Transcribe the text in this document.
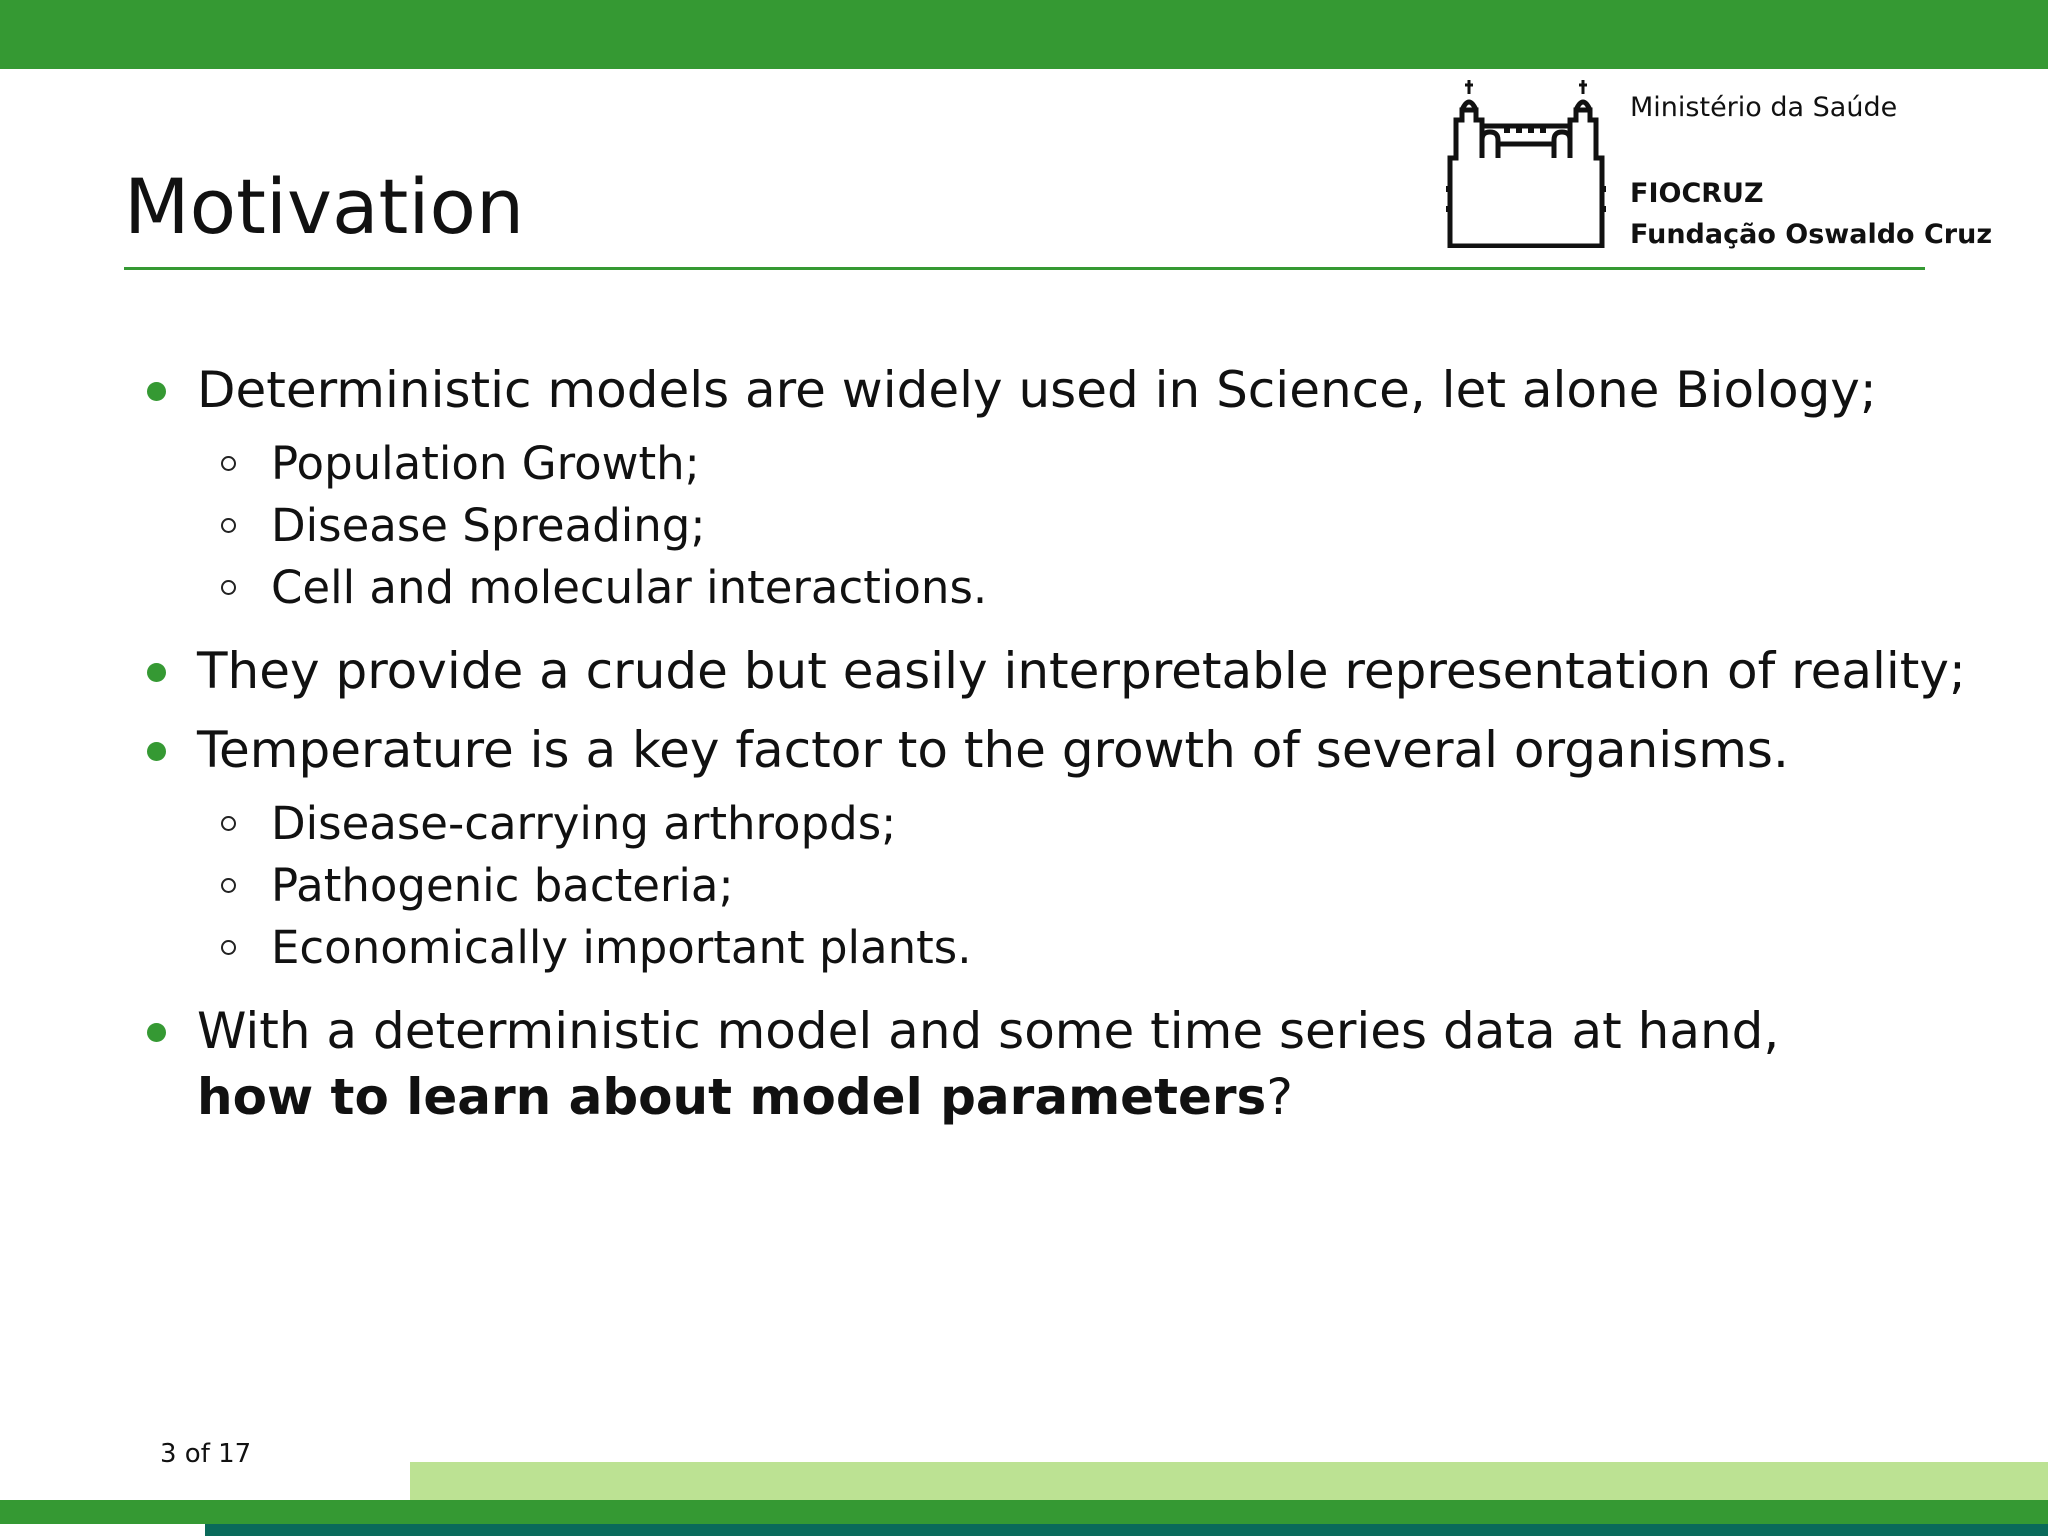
Motivation
Ministério da Saúde
FIOCRUZ
Fundação Oswaldo Cruz
Deterministic models are widely used in Science, let alone Biology;
Population Growth;
Disease Spreading;
Cell and molecular interactions.
They provide a crude but easily interpretable representation of reality;
Temperature is a key factor to the growth of several organisms.
Disease-carrying arthropds;
Pathogenic bacteria;
Economically important plants.
With a deterministic model and some time series data at hand, how to learn about model parameters?
3 of 17
